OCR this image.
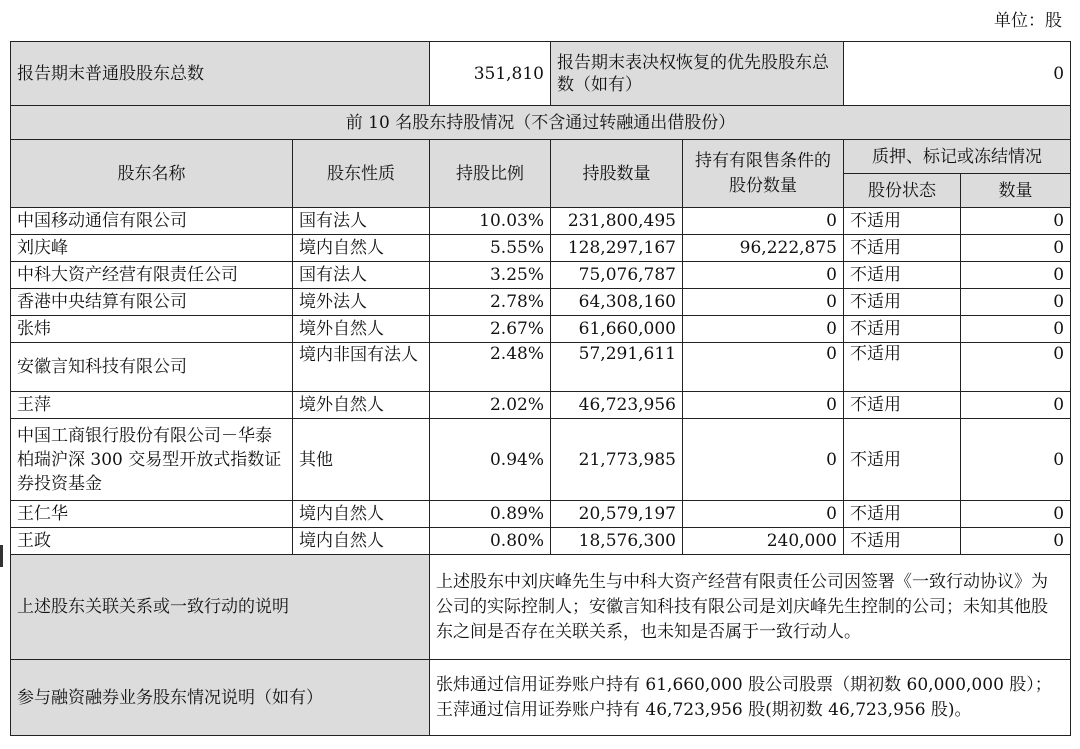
单位：股
报告期末普通股股东总数		351,810	报告期末表决权恢复的优先股股东总数（如有）		0	
前 10 名股东持股情况（不含通过转融通出借股份）						
股东名称	股东性质	持股比例	持股数量	持有有限售条件的股份数量	质押、标记或冻结情况	
					股份状态	数量
中国移动通信有限公司	国有法人	10.03%	231,800,495	0	不适用	0
刘庆峰	境内自然人	5.55%	128,297,167	96,222,875	不适用	0
中科大资产经营有限责任公司	国有法人	3.25%	75,076,787	0	不适用	0
香港中央结算有限公司	境外法人	2.78%	64,308,160	0	不适用	0
张炜	境外自然人	2.67%	61,660,000	0	不适用	0
安徽言知科技有限公司	境内非国有法人	2.48%	57,291,611	0	不适用	0
王萍	境外自然人	2.02%	46,723,956	0	不适用	0
中国工商银行股份有限公司－华泰柏瑞沪深 300 交易型开放式指数证券投资基金	其他	0.94%	21,773,985	0	不适用	0
王仁华	境内自然人	0.89%	20,579,197	0	不适用	0
王政	境内自然人	0.80%	18,576,300	240,000	不适用	0
上述股东关联关系或一致行动的说明		上述股东中刘庆峰先生与中科大资产经营有限责任公司因签署《一致行动协议》为公司的实际控制人；安徽言知科技有限公司是刘庆峰先生控制的公司；未知其他股东之间是否存在关联关系，也未知是否属于一致行动人。				
参与融资融券业务股东情况说明（如有）		张炜通过信用证券账户持有 61,660,000 股公司股票（期初数 60,000,000 股）；王萍通过信用证券账户持有 46,723,956 股(期初数 46,723,956 股)。				
